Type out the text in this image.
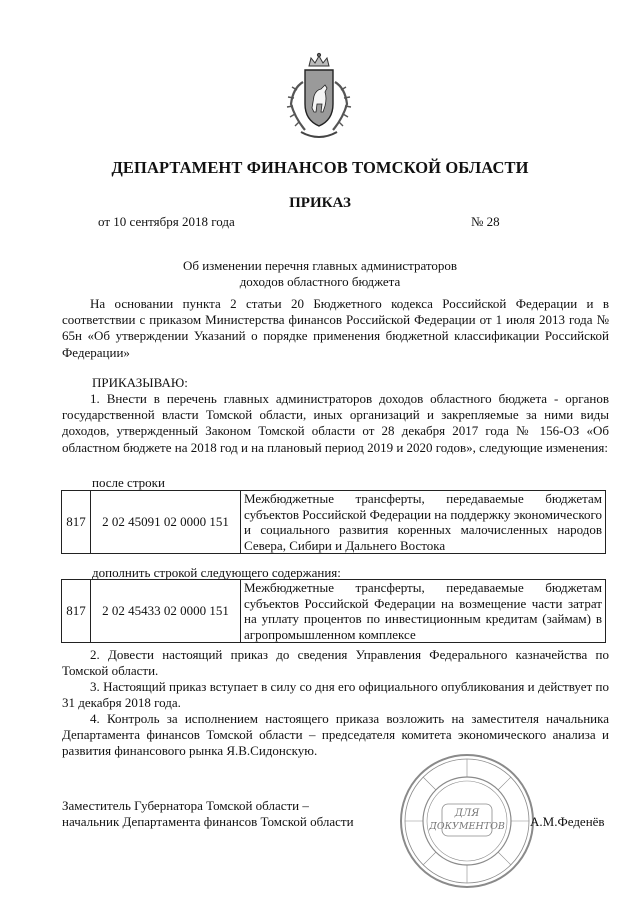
ДЕПАРТАМЕНТ ФИНАНСОВ ТОМСКОЙ ОБЛАСТИ
ПРИКАЗ
от 10 сентября 2018 года	№ 28
Об изменении перечня главных администраторов
доходов областного бюджета
На основании пункта 2 статьи 20 Бюджетного кодекса Российской Федерации и в соответствии с приказом Министерства финансов Российской Федерации от 1 июля 2013 года № 65н «Об утверждении Указаний о порядке применения бюджетной классификации Российской Федерации»
ПРИКАЗЫВАЮ:
1. Внести в перечень главных администраторов доходов областного бюджета - органов государственной власти Томской области, иных организаций и закрепляемые за ними виды доходов, утвержденный Законом Томской области от 28 декабря 2017 года № 156-ОЗ «Об областном бюджете на 2018 год и на плановый период 2019 и 2020 годов», следующие изменения:
после строки
817	2 02 45091 02 0000 151	Межбюджетные трансферты, передаваемые бюджетам субъектов Российской Федерации на поддержку экономического и социального развития коренных малочисленных народов Севера, Сибири и Дальнего Востока
дополнить строкой следующего содержания:
817	2 02 45433 02 0000 151	Межбюджетные трансферты, передаваемые бюджетам субъектов Российской Федерации на возмещение части затрат на уплату процентов по инвестиционным кредитам (займам) в агропромышленном комплексе
2. Довести настоящий приказ до сведения Управления Федерального казначейства по Томской области.
3. Настоящий приказ вступает в силу со дня его официального опубликования и действует по 31 декабря 2018 года.
4. Контроль за исполнением настоящего приказа возложить на заместителя начальника Департамента финансов Томской области – председателя комитета экономического анализа и развития финансового рынка Я.В.Сидонскую.
Заместитель Губернатора Томской области –
начальник Департамента финансов Томской области
ДЛЯ
ДОКУМЕНТОВ А.М.Феденёв
